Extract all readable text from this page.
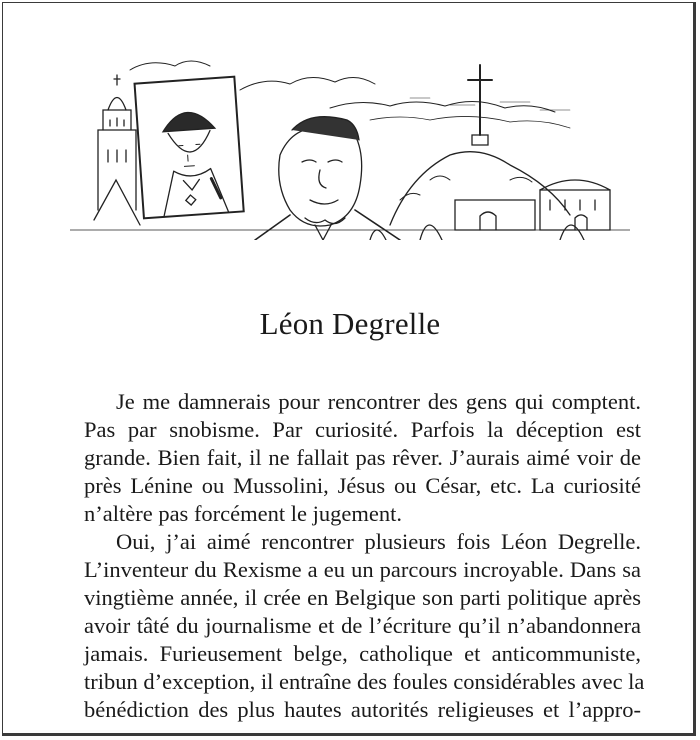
Léon Degrelle

Je me damnerais pour rencontrer des gens qui comptent.
Pas par snobisme. Par curiosité. Parfois la déception est
grande. Bien fait, il ne fallait pas rêver. J’aurais aimé voir de
près Lénine ou Mussolini, Jésus ou César, etc. La curiosité
n’altère pas forcément le jugement.

Oui, j’ai aimé rencontrer plusieurs fois Léon Degrelle.
L’inventeur du Rexisme a eu un parcours incroyable. Dans sa
vingtième année, il crée en Belgique son parti politique après
avoir tâté du journalisme et de l’écriture qu’il n’abandonnera
jamais. Furieusement belge, catholique et anticommuniste,
tribun d’exception, il entraîne des foules considérables avec la
bénédiction des plus hautes autorités religieuses et l’appro-
